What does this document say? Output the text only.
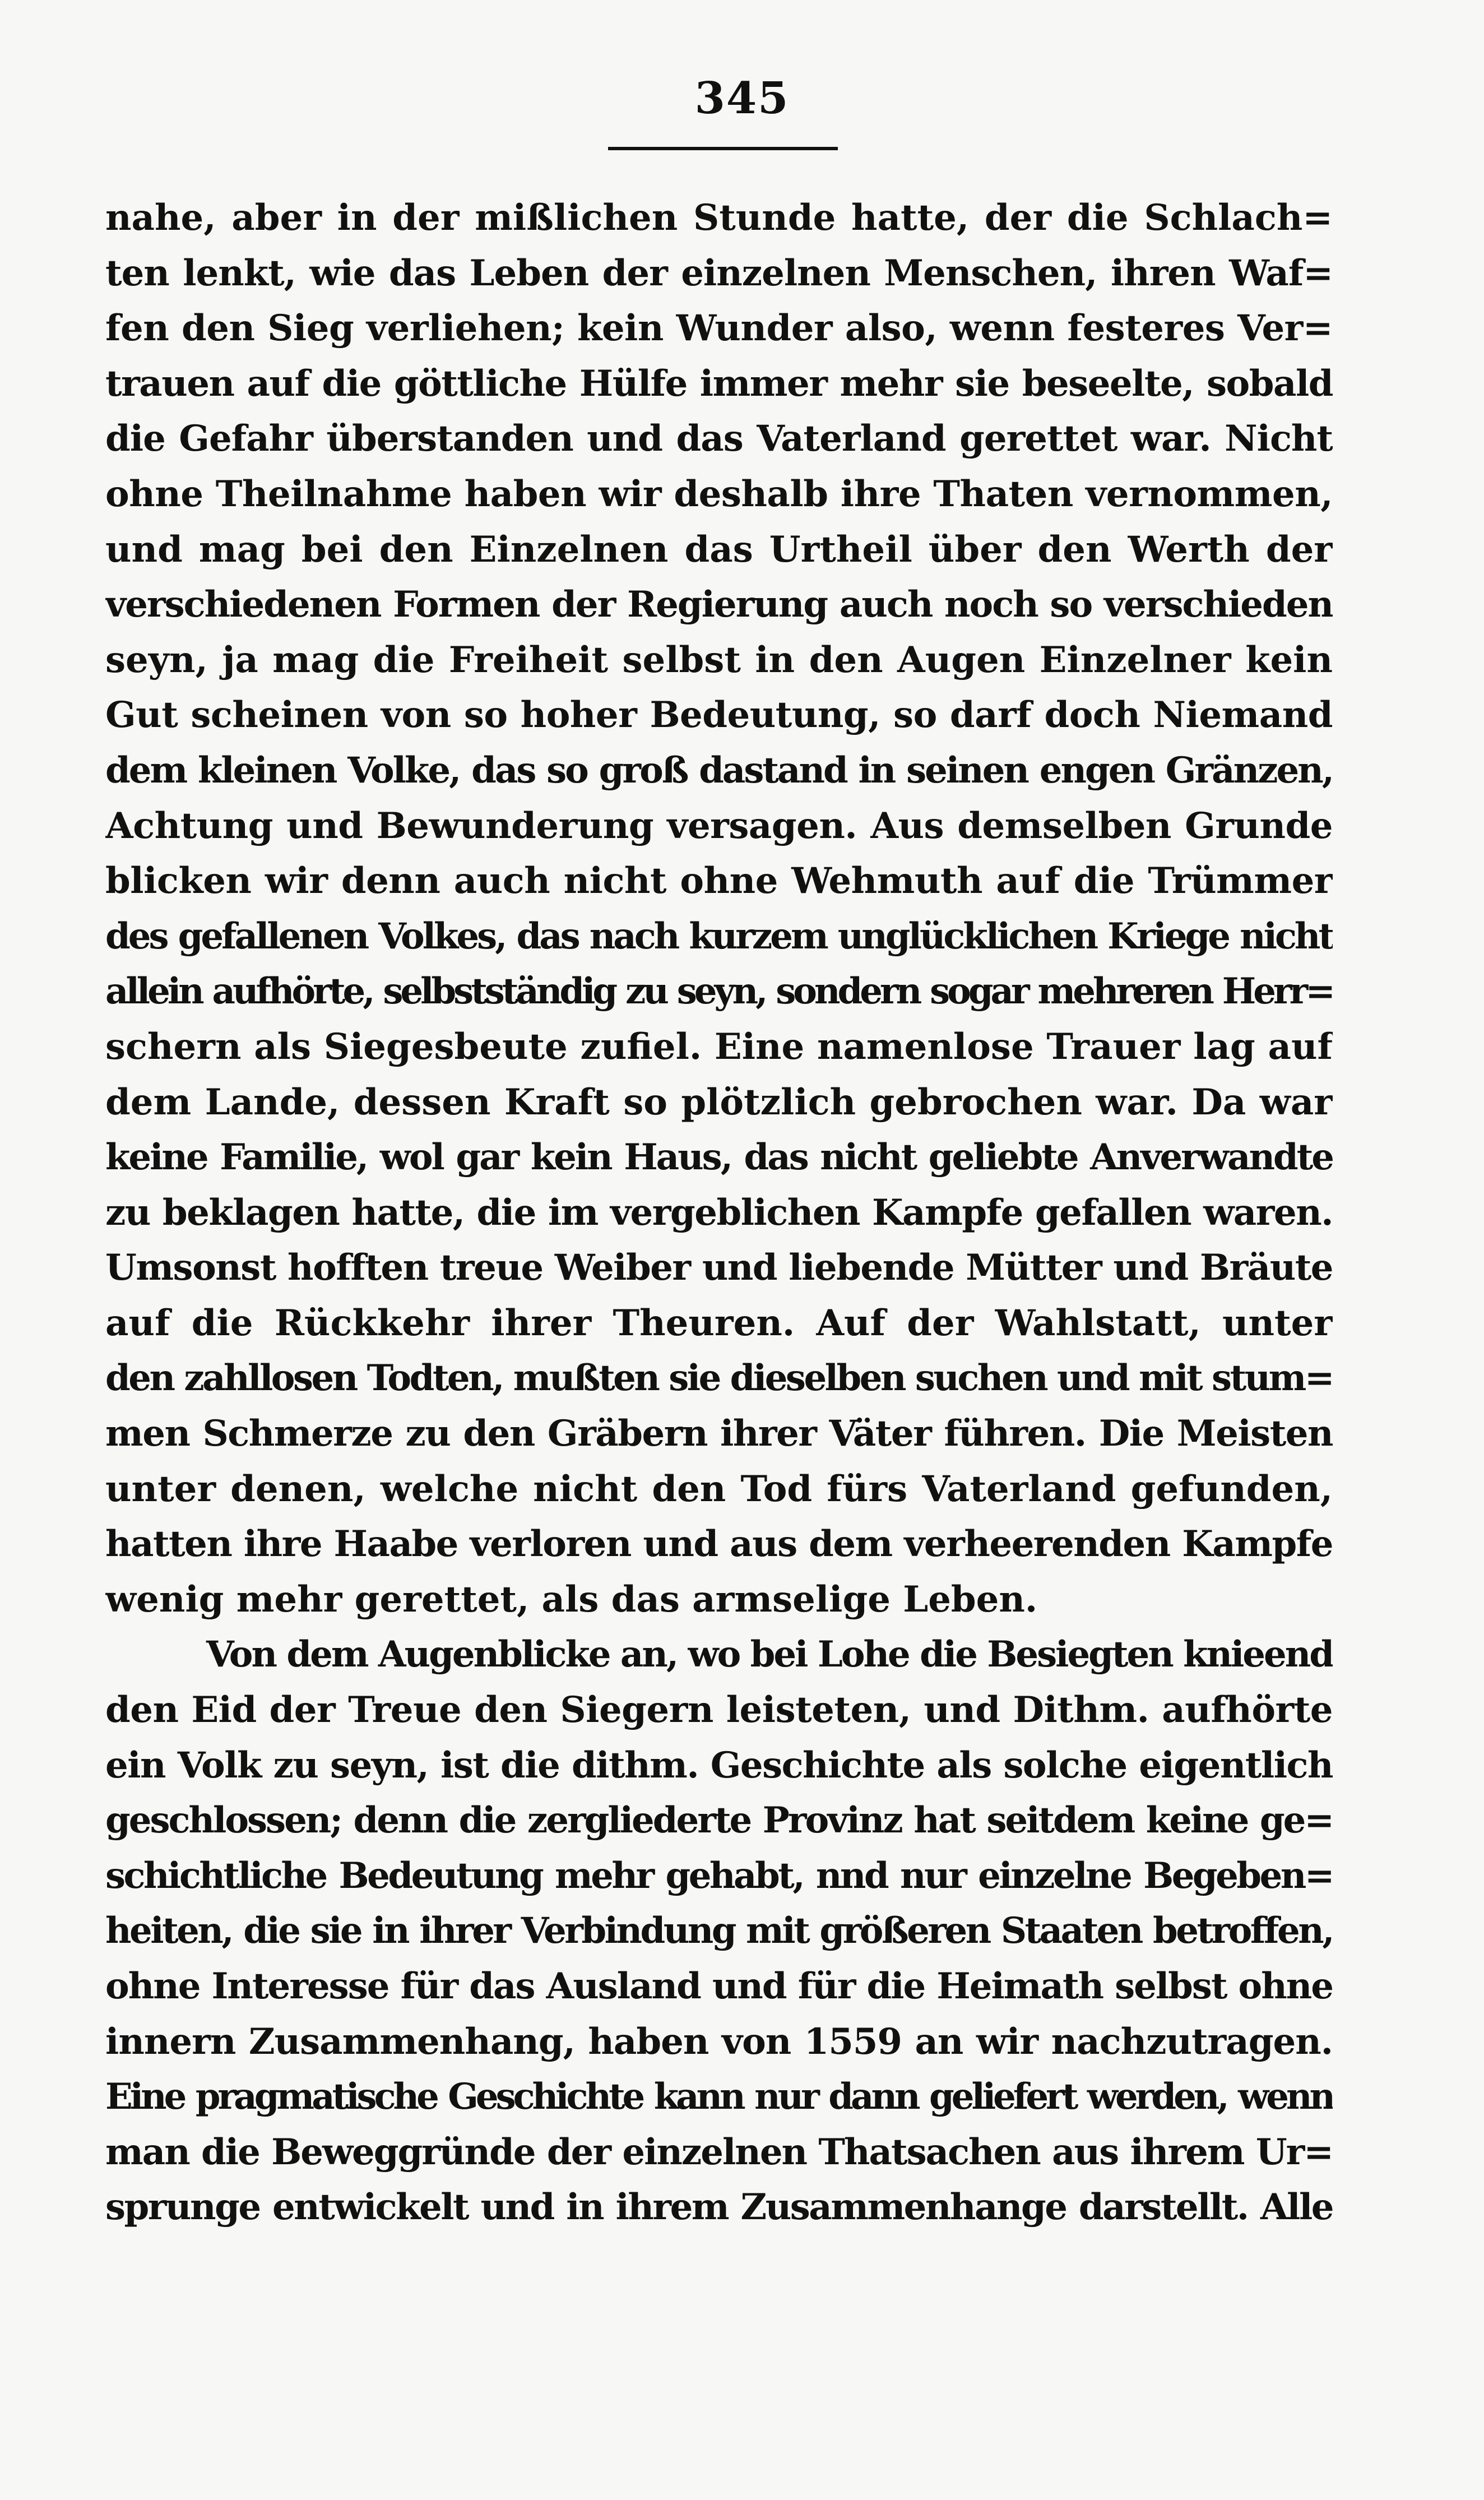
345
nahe, aber in der mißlichen Stunde hatte, der die Schlach=
ten lenkt, wie das Leben der einzelnen Menschen, ihren Waf=
fen den Sieg verliehen; kein Wunder also, wenn festeres Ver=
trauen auf die göttliche Hülfe immer mehr sie beseelte, sobald
die Gefahr überstanden und das Vaterland gerettet war. Nicht
ohne Theilnahme haben wir deshalb ihre Thaten vernommen,
und mag bei den Einzelnen das Urtheil über den Werth der
verschiedenen Formen der Regierung auch noch so verschieden
seyn, ja mag die Freiheit selbst in den Augen Einzelner kein
Gut scheinen von so hoher Bedeutung, so darf doch Niemand
dem kleinen Volke, das so groß dastand in seinen engen Gränzen,
Achtung und Bewunderung versagen. Aus demselben Grunde
blicken wir denn auch nicht ohne Wehmuth auf die Trümmer
des gefallenen Volkes, das nach kurzem unglücklichen Kriege nicht
allein aufhörte, selbstständig zu seyn, sondern sogar mehreren Herr=
schern als Siegesbeute zufiel. Eine namenlose Trauer lag auf
dem Lande, dessen Kraft so plötzlich gebrochen war. Da war
keine Familie, wol gar kein Haus, das nicht geliebte Anverwandte
zu beklagen hatte, die im vergeblichen Kampfe gefallen waren.
Umsonst hofften treue Weiber und liebende Mütter und Bräute
auf die Rückkehr ihrer Theuren. Auf der Wahlstatt, unter
den zahllosen Todten, mußten sie dieselben suchen und mit stum=
men Schmerze zu den Gräbern ihrer Väter führen. Die Meisten
unter denen, welche nicht den Tod fürs Vaterland gefunden,
hatten ihre Haabe verloren und aus dem verheerenden Kampfe
wenig mehr gerettet, als das armselige Leben.
Von dem Augenblicke an, wo bei Lohe die Besiegten knieend
den Eid der Treue den Siegern leisteten, und Dithm. aufhörte
ein Volk zu seyn, ist die dithm. Geschichte als solche eigentlich
geschlossen; denn die zergliederte Provinz hat seitdem keine ge=
schichtliche Bedeutung mehr gehabt, nnd nur einzelne Begeben=
heiten, die sie in ihrer Verbindung mit größeren Staaten betroffen,
ohne Interesse für das Ausland und für die Heimath selbst ohne
innern Zusammenhang, haben von 1559 an wir nachzutragen.
Eine pragmatische Geschichte kann nur dann geliefert werden, wenn
man die Beweggründe der einzelnen Thatsachen aus ihrem Ur=
sprunge entwickelt und in ihrem Zusammenhange darstellt. Alle
